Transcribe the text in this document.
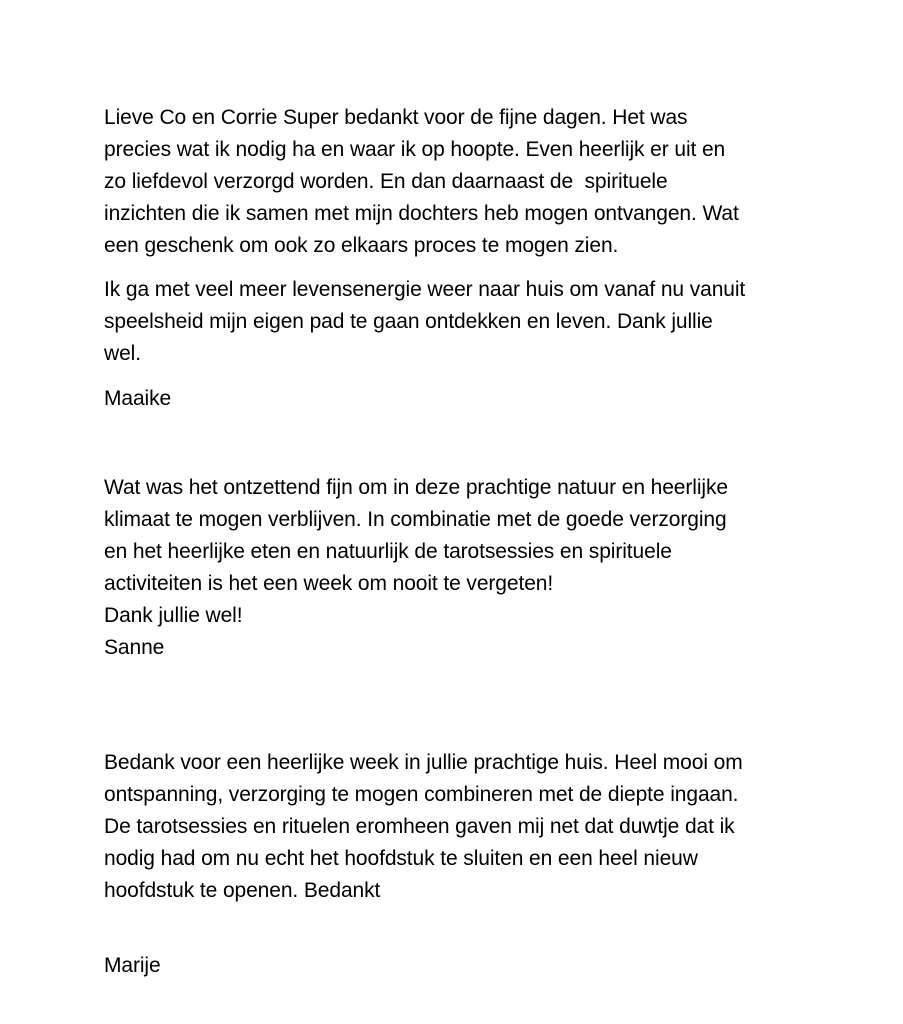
Lieve Co en Corrie Super bedankt voor de fijne dagen. Het was
precies wat ik nodig ha en waar ik op hoopte. Even heerlijk er uit en
zo liefdevol verzorgd worden. En dan daarnaast de  spirituele
inzichten die ik samen met mijn dochters heb mogen ontvangen. Wat
een geschenk om ook zo elkaars proces te mogen zien.
Ik ga met veel meer levensenergie weer naar huis om vanaf nu vanuit
speelsheid mijn eigen pad te gaan ontdekken en leven. Dank jullie
wel.
Maaike
Wat was het ontzettend fijn om in deze prachtige natuur en heerlijke
klimaat te mogen verblijven. In combinatie met de goede verzorging
en het heerlijke eten en natuurlijk de tarotsessies en spirituele
activiteiten is het een week om nooit te vergeten!
Dank jullie wel!
Sanne
Bedank voor een heerlijke week in jullie prachtige huis. Heel mooi om
ontspanning, verzorging te mogen combineren met de diepte ingaan.
De tarotsessies en rituelen eromheen gaven mij net dat duwtje dat ik
nodig had om nu echt het hoofdstuk te sluiten en een heel nieuw
hoofdstuk te openen. Bedankt
Marije
